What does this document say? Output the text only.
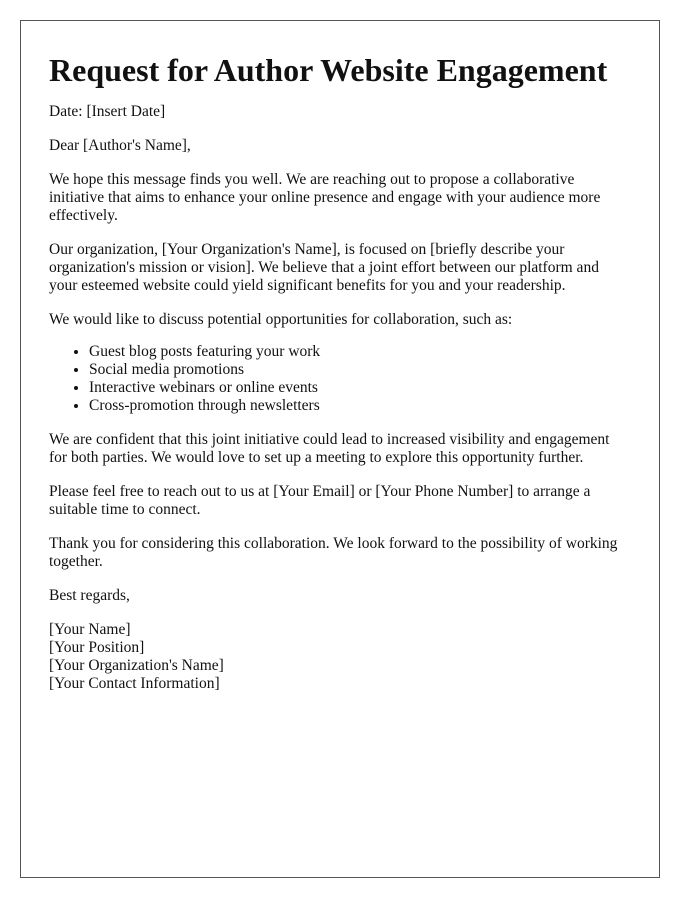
Request for Author Website Engagement

Date: [Insert Date]

Dear [Author's Name],

We hope this message finds you well. We are reaching out to propose a collaborative initiative that aims to enhance your online presence and engage with your audience more effectively.

Our organization, [Your Organization's Name], is focused on [briefly describe your organization's mission or vision]. We believe that a joint effort between our platform and your esteemed website could yield significant benefits for you and your readership.

We would like to discuss potential opportunities for collaboration, such as:

• Guest blog posts featuring your work
• Social media promotions
• Interactive webinars or online events
• Cross-promotion through newsletters

We are confident that this joint initiative could lead to increased visibility and engagement for both parties. We would love to set up a meeting to explore this opportunity further.

Please feel free to reach out to us at [Your Email] or [Your Phone Number] to arrange a suitable time to connect.

Thank you for considering this collaboration. We look forward to the possibility of working together.

Best regards,

[Your Name]

[Your Position]

[Your Organization's Name]

[Your Contact Information]
